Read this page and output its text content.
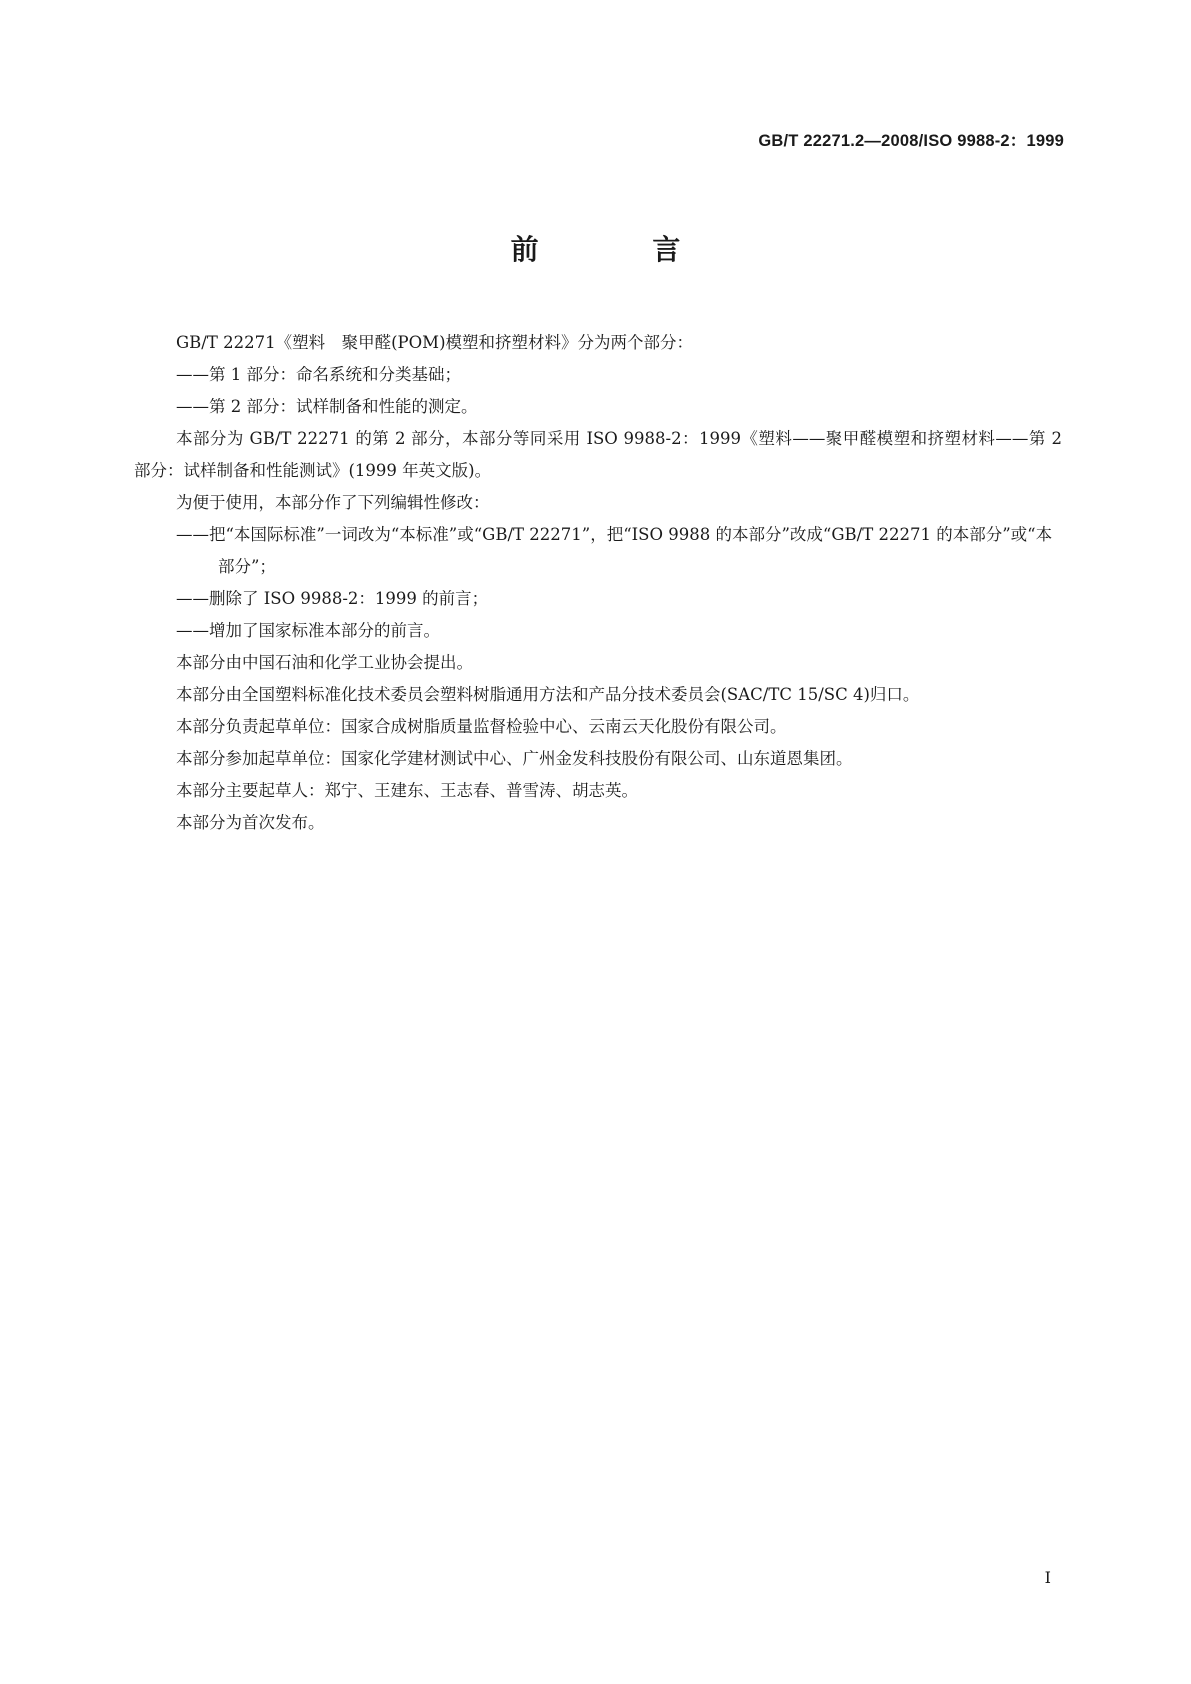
GB/T 22271.2—2008/ISO 9988-2：1999
前 言

GB/T 22271《塑料　聚甲醛(POM)模塑和挤塑材料》分为两个部分：

——第 1 部分：命名系统和分类基础；

——第 2 部分：试样制备和性能的测定。

本部分为 GB/T 22271 的第 2 部分，本部分等同采用 ISO 9988-2：1999《塑料——聚甲醛模塑和挤塑材料——第 2 部分：试样制备和性能测试》(1999 年英文版)。

为便于使用，本部分作了下列编辑性修改：

——把“本国际标准”一词改为“本标准”或“GB/T 22271”，把“ISO 9988 的本部分”改成“GB/T 22271 的本部分”或“本部分”；

——删除了 ISO 9988-2：1999 的前言；

——增加了国家标准本部分的前言。

本部分由中国石油和化学工业协会提出。

本部分由全国塑料标准化技术委员会塑料树脂通用方法和产品分技术委员会(SAC/TC 15/SC 4)归口。

本部分负责起草单位：国家合成树脂质量监督检验中心、云南云天化股份有限公司。

本部分参加起草单位：国家化学建材测试中心、广州金发科技股份有限公司、山东道恩集团。

本部分主要起草人：郑宁、王建东、王志春、普雪涛、胡志英。

本部分为首次发布。

I
